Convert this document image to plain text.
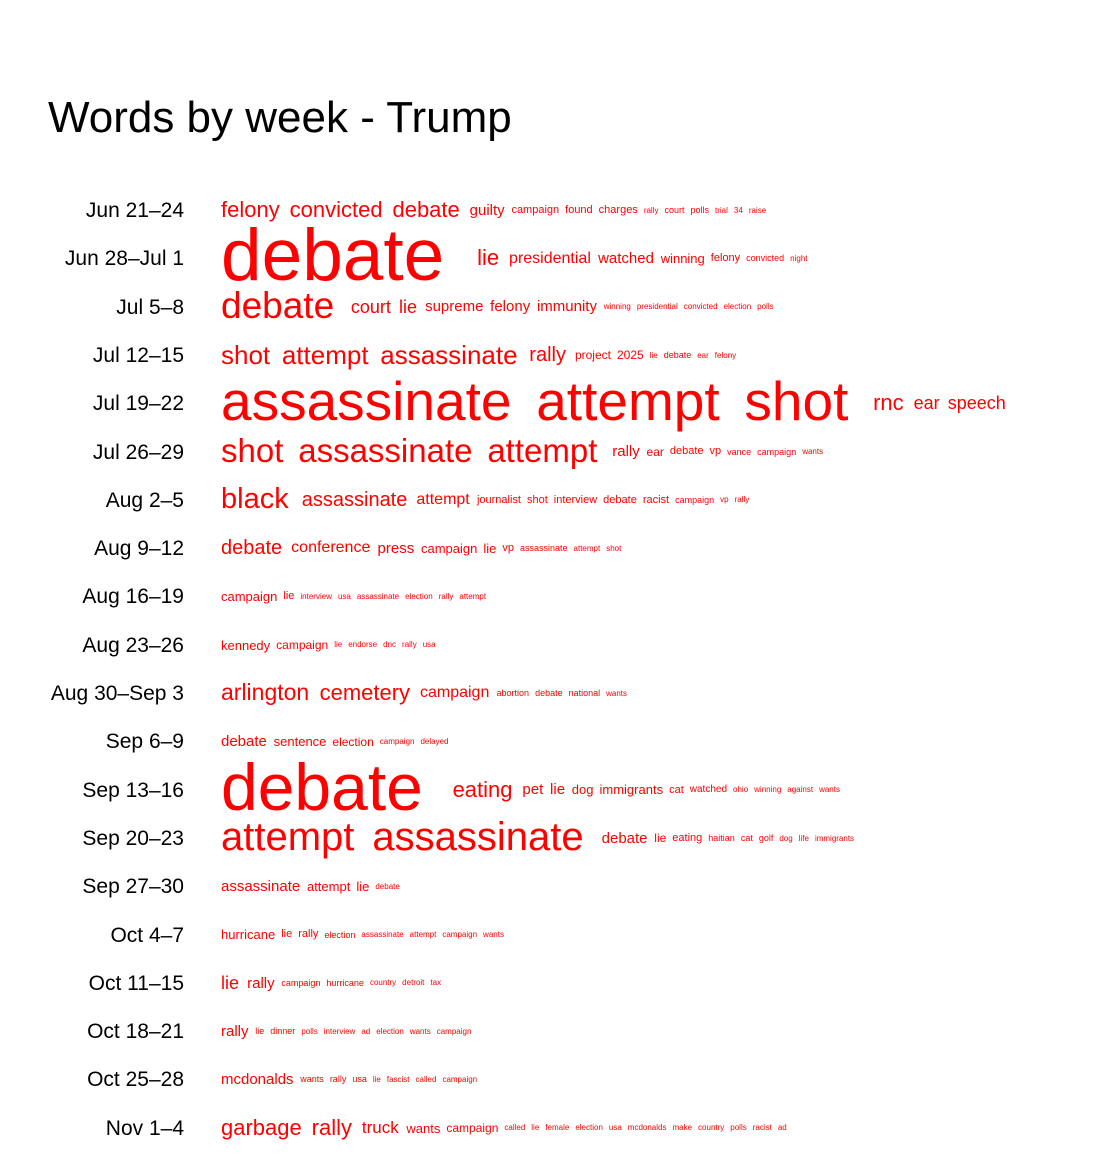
Words by week - Trump
Jun 21–24 felony convicted debate guilty campaign found charges rally court polls trial 34 raise
Jun 28–Jul 1 debate lie presidential watched winning felony convicted night
Jul 5–8 debate court lie supreme felony immunity winning presidential convicted election polls
Jul 12–15 shot attempt assassinate rally project 2025 lie debate ear felony
Jul 19–22 assassinate attempt shot rnc ear speech
Jul 26–29 shot assassinate attempt rally ear debate vp vance campaign wants
Aug 2–5 black assassinate attempt journalist shot interview debate racist campaign vp rally
Aug 9–12 debate conference press campaign lie vp assassinate attempt shot
Aug 16–19	campaign lie interview usa assassinate election rally attempt
Aug 23–26	kennedy campaign lie endorse dnc rally usa
Aug 30–Sep 3 arlington cemetery campaign abortion debate national wants
Sep 6–9 debate sentence election campaign delayed
Sep 13–16 debate eating pet lie dog immigrants cat watched ohio winning against wants
Sep 20–23 attempt assassinate debate lie eating haitian cat golf dog life immigrants
Sep 27–30 assassinate attempt lie debate
Oct 4–7	hurricane lie rally election assassinate attempt campaign wants
Oct 11–15 lie rally campaign hurricane country detroit tax
Oct 18–21 rally lie dinner polls interview ad election wants campaign
Oct 25–28 mcdonalds wants rally usa lie fascist called campaign
Nov 1–4 garbage rally truck wants campaign called lie female election usa mcdonalds make country polls racist ad
